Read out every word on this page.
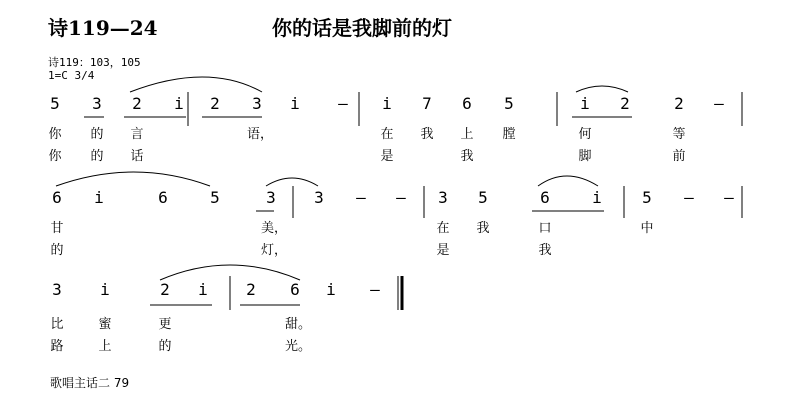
诗119—24	你的话是我脚前的灯
诗119：103，105
1=C 3/4
5 3 2 i 2 3 i – i 7 6 5	i 2	2 –
你 的 言	语，	在 我 上 膛	何	等
你 的 话	是	我	脚	前
6 i	6	5	3 3 – – 3 5	6	i	5 – –
甘	美，	在 我	口	中
的	灯，	是	我
3 i	2 i 2 6 i –
比	蜜	更	甜。
路	上	的	光。
歌唱主话二 79
